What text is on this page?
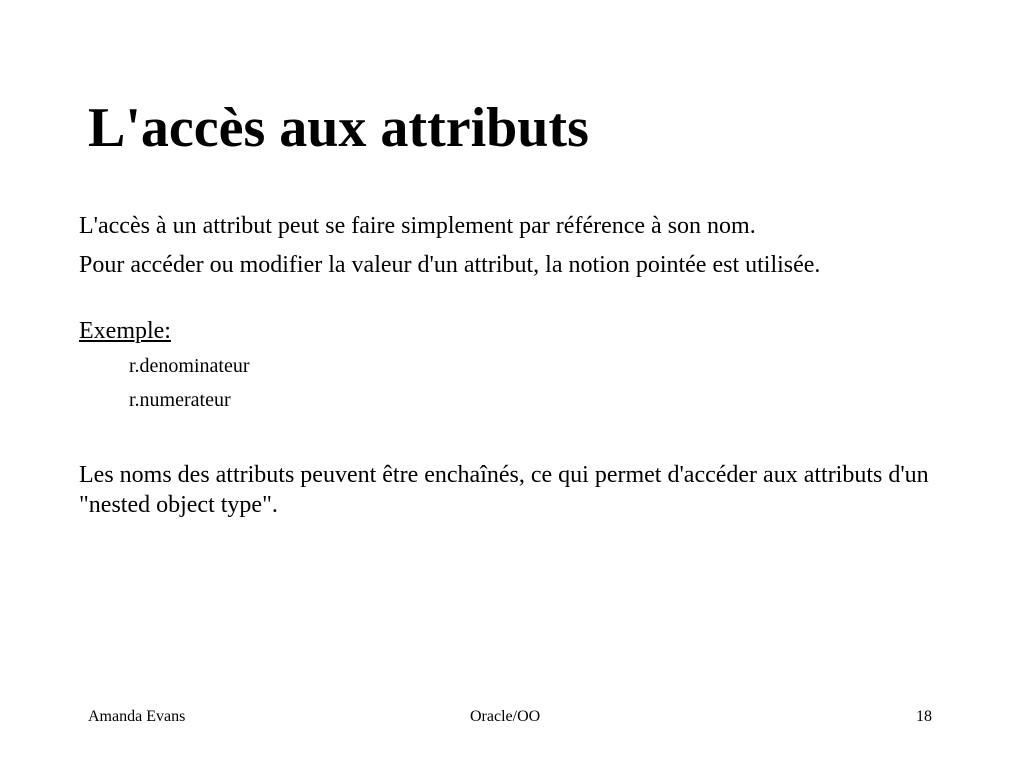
L'accès aux attributs

L'accès à un attribut peut se faire simplement par référence à son nom.

Pour accéder ou modifier la valeur d'un attribut, la notion pointée est utilisée.

Exemple:

r.denominateur

r.numerateur

Les noms des attributs peuvent être enchaînés, ce qui permet d'accéder aux attributs d'un "nested object type".

Amanda Evans	Oracle/OO	18
